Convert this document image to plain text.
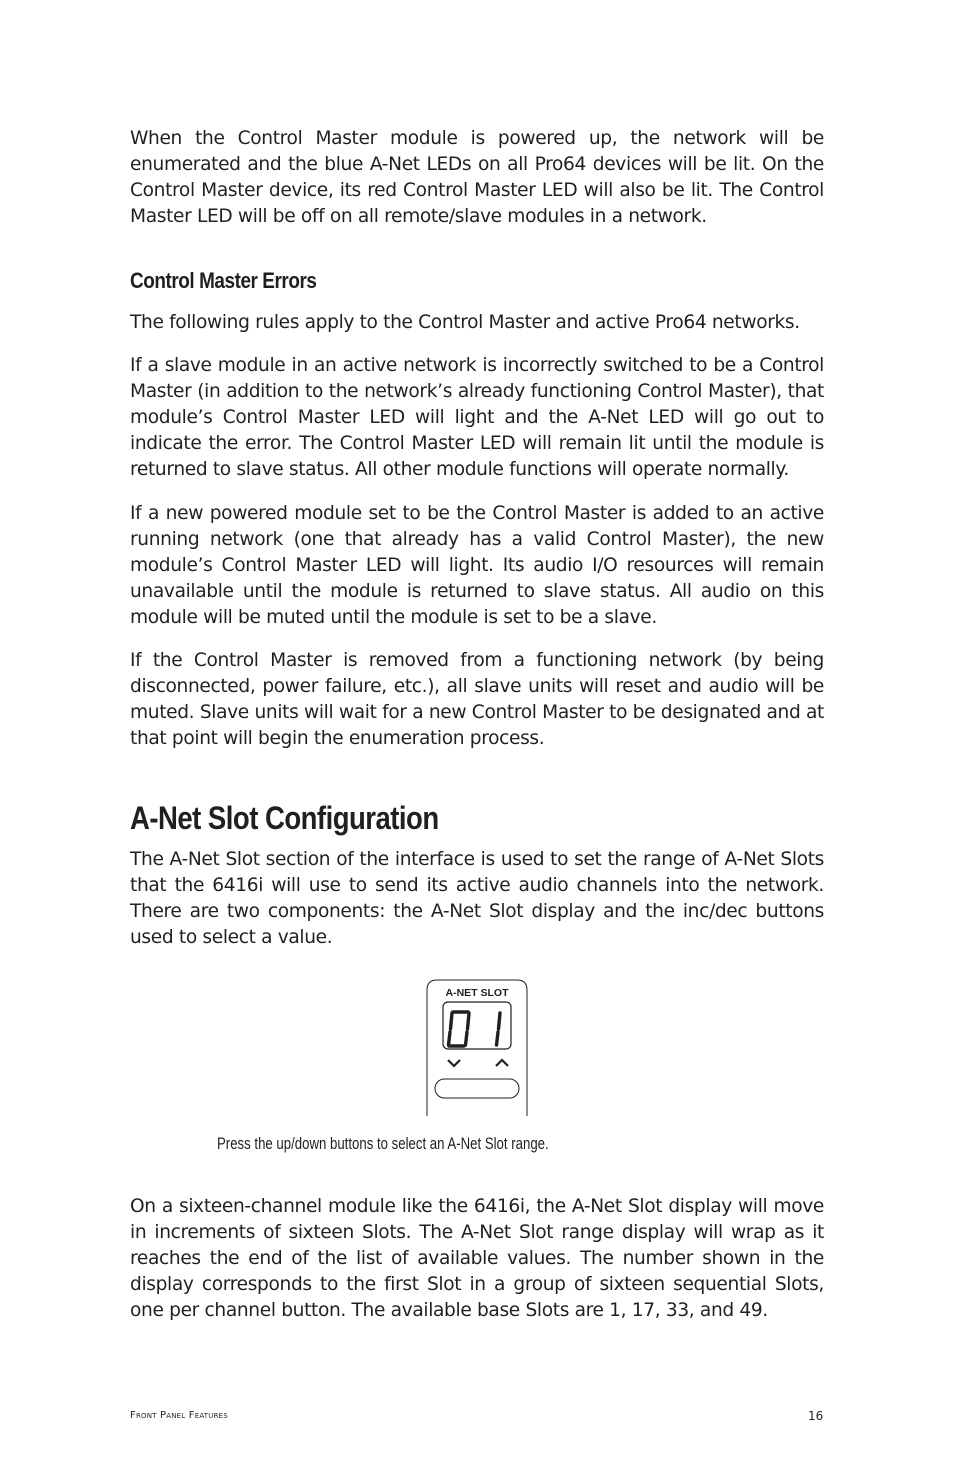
When the Control Master module is powered up, the network will be enumerated and the blue A-Net LEDs on all Pro64 devices will be lit. On the Control Master device, its red Control Master LED will also be lit. The Control Master LED will be off on all remote/slave modules in a network.

Control Master Errors

The following rules apply to the Control Master and active Pro64 networks.

If a slave module in an active network is incorrectly switched to be a Control Master (in addition to the network’s already functioning Control Master), that module’s Control Master LED will light and the A-Net LED will go out to indicate the error. The Control Master LED will remain lit until the module is returned to slave status. All other module functions will operate normally.

If a new powered module set to be the Control Master is added to an active running network (one that already has a valid Control Master), the new module’s Control Master LED will light. Its audio I/O resources will remain unavailable until the module is returned to slave status. All audio on this module will be muted until the module is set to be a slave.

If the Control Master is removed from a functioning network (by being disconnected, power failure, etc.), all slave units will reset and audio will be muted. Slave units will wait for a new Control Master to be designated and at that point will begin the enumeration process.

A-Net Slot Configuration

The A-Net Slot section of the interface is used to set the range of A-Net Slots that the 6416i will use to send its active audio channels into the network. There are two components: the A-Net Slot display and the inc/dec buttons used to select a value.

A-NET SLOT
Press the up/down buttons to select an A-Net Slot range.

On a sixteen-channel module like the 6416i, the A-Net Slot display will move in increments of sixteen Slots. The A-Net Slot range display will wrap as it reaches the end of the list of available values. The number shown in the display corresponds to the first Slot in a group of sixteen sequential Slots, one per channel button. The available base Slots are 1, 17, 33, and 49.

Front Panel Features	16
